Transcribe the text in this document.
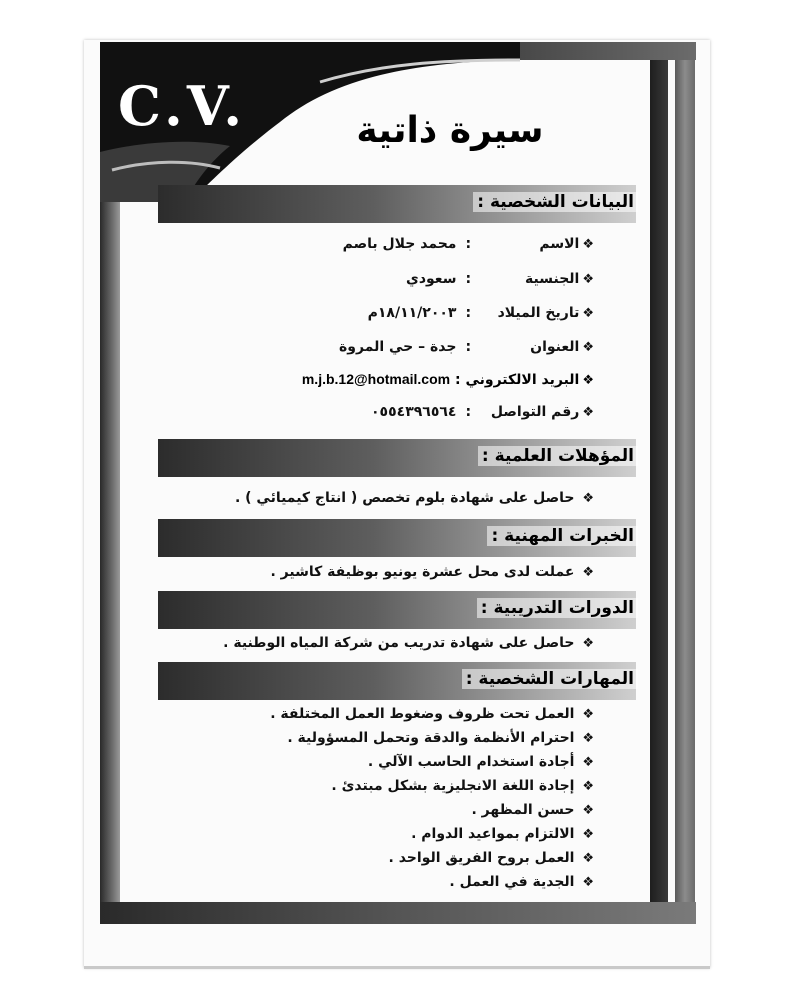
C.V.	سيرة ذاتية
البيانات الشخصية :
❖الاسم: محمد جلال باصم
❖الجنسية: سعودي
❖تاريخ الميلاد: ١٨/١١/٢٠٠٣م
❖العنوان: جدة – حي المروة
❖البريد الالكتروني : m.j.b.12@hotmail.com
❖رقم التواصل: ٠٥٥٤٣٩٦٥٦٤
المؤهلات العلمية :
❖ حاصل على شهادة بلوم تخصص ( انتاج كيميائي ) .
الخبرات المهنية :
❖ عملت لدى محل عشرة يونيو بوظيفة كاشير .
الدورات التدريبية :
❖ حاصل على شهادة تدريب من شركة المياه الوطنية .
المهارات الشخصية :
❖ العمل تحت ظروف وضغوط العمل المختلفة .
❖ احترام الأنظمة والدقة وتحمل المسؤولية .
❖ أجادة استخدام الحاسب الآلي .
❖ إجادة اللغة الانجليزية بشكل مبتدئ .
❖ حسن المظهر .
❖ الالتزام بمواعيد الدوام .
❖ العمل بروح الفريق الواحد .
❖ الجدية في العمل .
